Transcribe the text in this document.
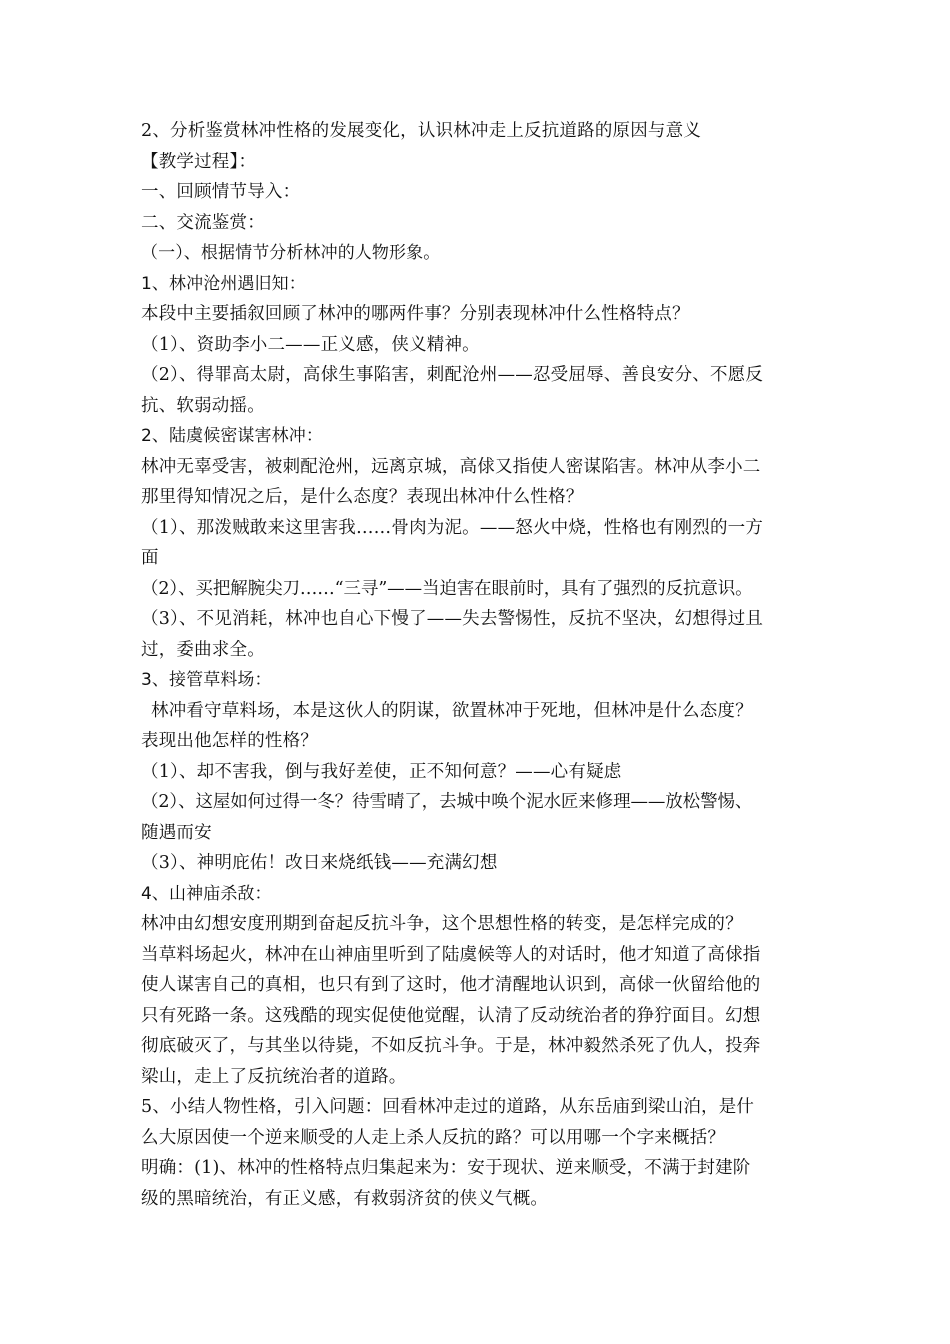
2、分析鉴赏林冲性格的发展变化，认识林冲走上反抗道路的原因与意义
【教学过程】：
一、回顾情节导入：
二、交流鉴赏：
（一）、根据情节分析林冲的人物形象。
1、林冲沧州遇旧知：
本段中主要插叙回顾了林冲的哪两件事？分别表现林冲什么性格特点？
（1）、资助李小二——正义感，侠义精神。
（2）、得罪高太尉，高俅生事陷害，刺配沧州——忍受屈辱、善良安分、不愿反
抗、软弱动摇。
2、陆虞候密谋害林冲：
林冲无辜受害，被刺配沧州，远离京城，高俅又指使人密谋陷害。林冲从李小二
那里得知情况之后，是什么态度？表现出林冲什么性格？
（1）、那泼贼敢来这里害我……骨肉为泥。——怒火中烧，性格也有刚烈的一方
面
（2）、买把解腕尖刀……“三寻”——当迫害在眼前时，具有了强烈的反抗意识。
（3）、不见消耗，林冲也自心下慢了——失去警惕性，反抗不坚决，幻想得过且
过，委曲求全。
3、接管草料场：
林冲看守草料场，本是这伙人的阴谋，欲置林冲于死地，但林冲是什么态度？
表现出他怎样的性格？
（1）、却不害我，倒与我好差使，正不知何意？——心有疑虑
（2）、这屋如何过得一冬？待雪晴了，去城中唤个泥水匠来修理——放松警惕、
随遇而安
（3）、神明庇佑！改日来烧纸钱——充满幻想
4、山神庙杀敌：
林冲由幻想安度刑期到奋起反抗斗争，这个思想性格的转变，是怎样完成的？
当草料场起火，林冲在山神庙里听到了陆虞候等人的对话时，他才知道了高俅指
使人谋害自己的真相，也只有到了这时，他才清醒地认识到，高俅一伙留给他的
只有死路一条。这残酷的现实促使他觉醒，认清了反动统治者的狰狞面目。幻想
彻底破灭了，与其坐以待毙，不如反抗斗争。于是，林冲毅然杀死了仇人，投奔
梁山，走上了反抗统治者的道路。
5、小结人物性格，引入问题：回看林冲走过的道路，从东岳庙到梁山泊，是什
么大原因使一个逆来顺受的人走上杀人反抗的路？可以用哪一个字来概括？
明确：(1)、林冲的性格特点归集起来为：安于现状、逆来顺受，不满于封建阶
级的黑暗统治，有正义感，有救弱济贫的侠义气概。
